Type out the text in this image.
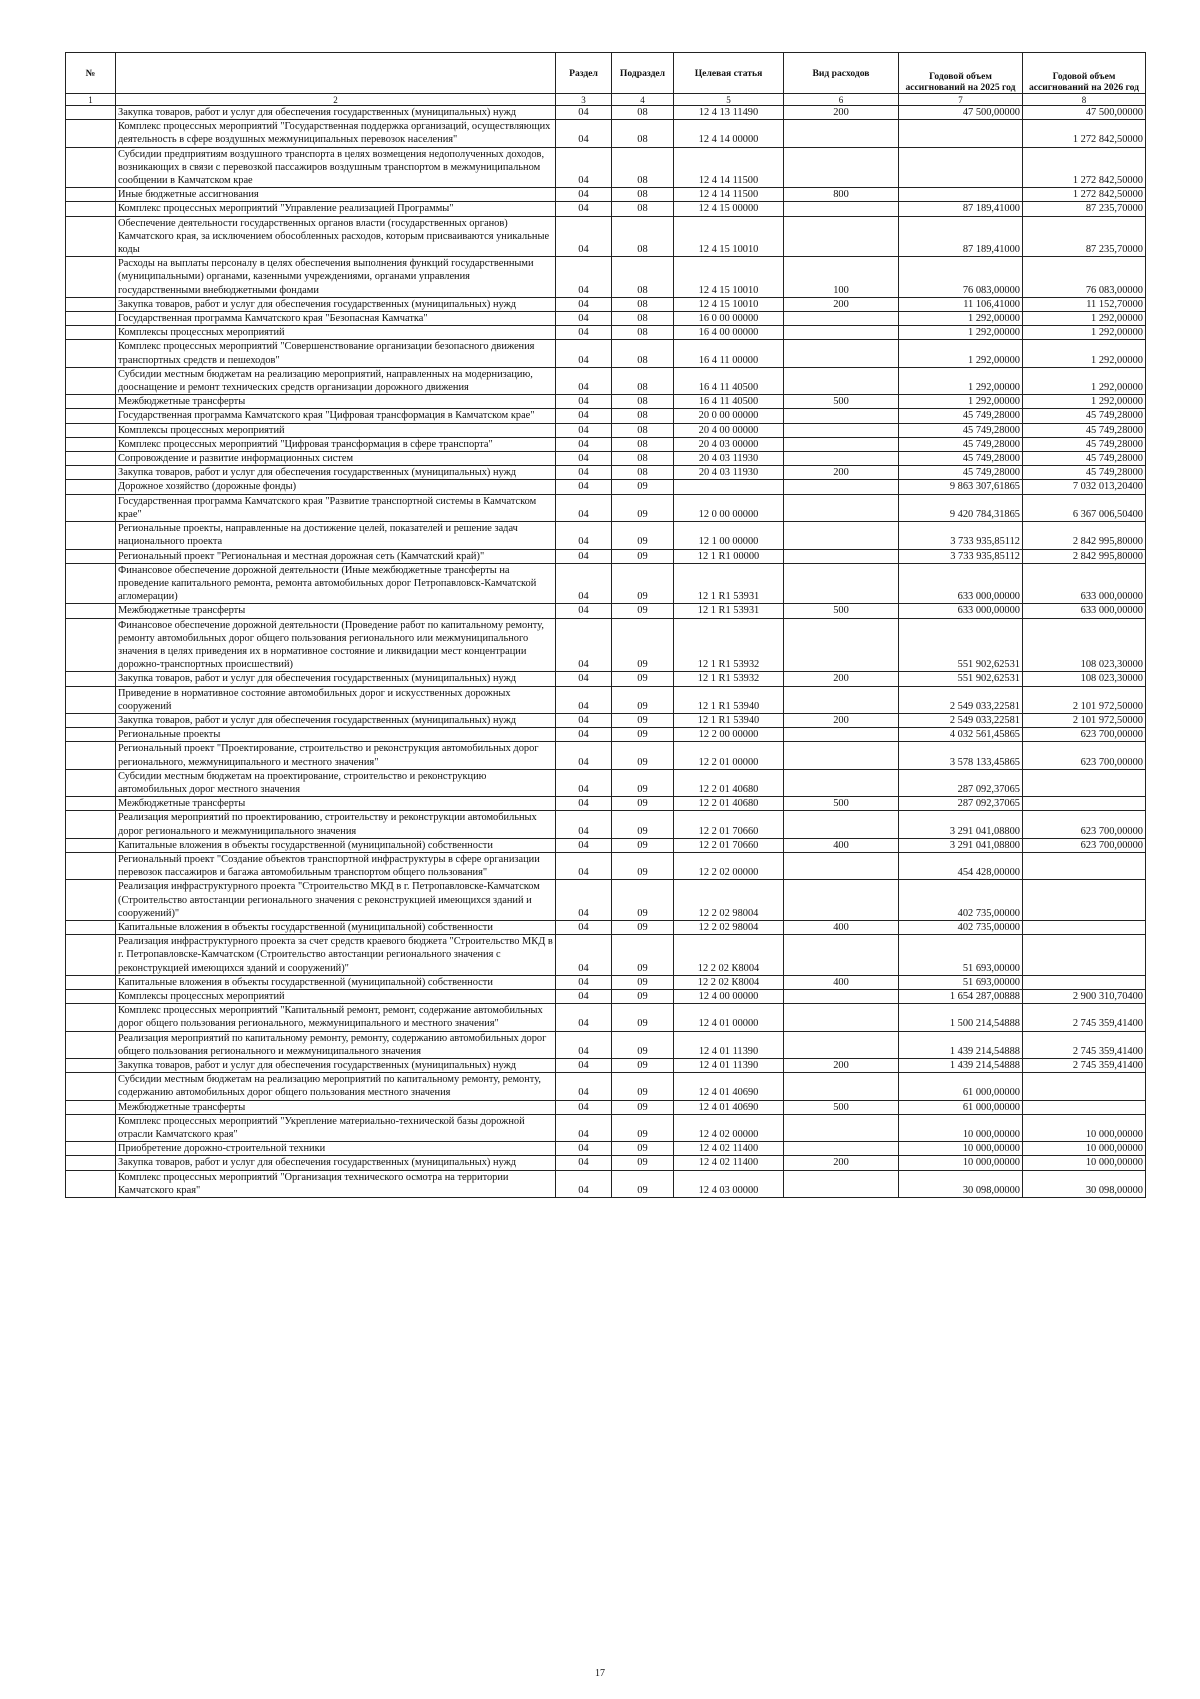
№		Раздел	Подраздел	Целевая статья	Вид расходов	Годовой объем ассигнований на 2025 год	Годовой объем ассигнований на 2026 год
1	2	3	4	5	6	7	8
	Закупка товаров, работ и услуг для обеспечения государственных (муниципальных) нужд	04	08	12 4 13 11490	200	47 500,00000	47 500,00000
	Комплекс процессных мероприятий "Государственная поддержка организаций, осуществляющих деятельность в сфере воздушных межмуниципальных перевозок населения"	04	08	12 4 14 00000			1 272 842,50000
	Субсидии предприятиям воздушного транспорта в целях возмещения недополученных доходов, возникающих в связи с перевозкой пассажиров воздушным транспортом в межмуниципальном сообщении в Камчатском крае	04	08	12 4 14 11500			1 272 842,50000
	Иные бюджетные ассигнования	04	08	12 4 14 11500	800		1 272 842,50000
	Комплекс процессных мероприятий "Управление реализацией Программы"	04	08	12 4 15 00000		87 189,41000	87 235,70000
	Обеспечение деятельности государственных органов власти (государственных органов) Камчатского края, за исключением обособленных расходов, которым присваиваются уникальные коды	04	08	12 4 15 10010		87 189,41000	87 235,70000
	Расходы на выплаты персоналу в целях обеспечения выполнения функций государственными (муниципальными) органами, казенными учреждениями, органами управления государственными внебюджетными фондами	04	08	12 4 15 10010	100	76 083,00000	76 083,00000
	Закупка товаров, работ и услуг для обеспечения государственных (муниципальных) нужд	04	08	12 4 15 10010	200	11 106,41000	11 152,70000
	Государственная программа Камчатского края "Безопасная Камчатка"	04	08	16 0 00 00000		1 292,00000	1 292,00000
	Комплексы процессных мероприятий	04	08	16 4 00 00000		1 292,00000	1 292,00000
	Комплекс процессных мероприятий "Совершенствование организации безопасного движения транспортных средств и пешеходов"	04	08	16 4 11 00000		1 292,00000	1 292,00000
	Субсидии местным бюджетам на реализацию мероприятий, направленных на модернизацию, дооснащение и ремонт технических средств организации дорожного движения	04	08	16 4 11 40500		1 292,00000	1 292,00000
	Межбюджетные трансферты	04	08	16 4 11 40500	500	1 292,00000	1 292,00000
	Государственная программа Камчатского края "Цифровая трансформация в Камчатском крае"	04	08	20 0 00 00000		45 749,28000	45 749,28000
	Комплексы процессных мероприятий	04	08	20 4 00 00000		45 749,28000	45 749,28000
	Комплекс процессных мероприятий "Цифровая трансформация в сфере транспорта"	04	08	20 4 03 00000		45 749,28000	45 749,28000
	Сопровождение и развитие информационных систем	04	08	20 4 03 11930		45 749,28000	45 749,28000
	Закупка товаров, работ и услуг для обеспечения государственных (муниципальных) нужд	04	08	20 4 03 11930	200	45 749,28000	45 749,28000
	Дорожное хозяйство (дорожные фонды)	04	09			9 863 307,61865	7 032 013,20400
	Государственная программа Камчатского края "Развитие транспортной системы в Камчатском крае"	04	09	12 0 00 00000		9 420 784,31865	6 367 006,50400
	Региональные проекты, направленные на достижение целей, показателей и решение задач национального проекта	04	09	12 1 00 00000		3 733 935,85112	2 842 995,80000
	Региональный проект "Региональная и местная дорожная сеть (Камчатский край)"	04	09	12 1 R1 00000		3 733 935,85112	2 842 995,80000
	Финансовое обеспечение дорожной деятельности (Иные межбюджетные трансферты на проведение капитального ремонта, ремонта автомобильных дорог Петропавловск-Камчатской агломерации)	04	09	12 1 R1 53931		633 000,00000	633 000,00000
	Межбюджетные трансферты	04	09	12 1 R1 53931	500	633 000,00000	633 000,00000
	Финансовое обеспечение дорожной деятельности (Проведение работ по капитальному ремонту, ремонту автомобильных дорог общего пользования регионального или межмуниципального значения в целях приведения их в нормативное состояние и ликвидации мест концентрации дорожно-транспортных происшествий)	04	09	12 1 R1 53932		551 902,62531	108 023,30000
	Закупка товаров, работ и услуг для обеспечения государственных (муниципальных) нужд	04	09	12 1 R1 53932	200	551 902,62531	108 023,30000
	Приведение в нормативное состояние автомобильных дорог и искусственных дорожных сооружений	04	09	12 1 R1 53940		2 549 033,22581	2 101 972,50000
	Закупка товаров, работ и услуг для обеспечения государственных (муниципальных) нужд	04	09	12 1 R1 53940	200	2 549 033,22581	2 101 972,50000
	Региональные проекты	04	09	12 2 00 00000		4 032 561,45865	623 700,00000
	Региональный проект "Проектирование, строительство и реконструкция автомобильных дорог регионального, межмуниципального и местного значения"	04	09	12 2 01 00000		3 578 133,45865	623 700,00000
	Субсидии местным бюджетам на проектирование, строительство и реконструкцию автомобильных дорог местного значения	04	09	12 2 01 40680		287 092,37065	
	Межбюджетные трансферты	04	09	12 2 01 40680	500	287 092,37065	
	Реализация мероприятий по проектированию, строительству и реконструкции автомобильных дорог регионального и межмуниципального значения	04	09	12 2 01 70660		3 291 041,08800	623 700,00000
	Капитальные вложения в объекты государственной (муниципальной) собственности	04	09	12 2 01 70660	400	3 291 041,08800	623 700,00000
	Региональный проект "Создание объектов транспортной инфраструктуры в сфере организации перевозок пассажиров и багажа автомобильным транспортом общего пользования"	04	09	12 2 02 00000		454 428,00000	
	Реализация инфраструктурного проекта "Строительство МКД в г. Петропавловске-Камчатском (Строительство автостанции регионального значения с реконструкцией имеющихся зданий и сооружений)"	04	09	12 2 02 98004		402 735,00000	
	Капитальные вложения в объекты государственной (муниципальной) собственности	04	09	12 2 02 98004	400	402 735,00000	
	Реализация инфраструктурного проекта за счет средств краевого бюджета "Строительство МКД в г. Петропавловске-Камчатском (Строительство автостанции регионального значения с реконструкцией имеющихся зданий и сооружений)"	04	09	12 2 02 К8004		51 693,00000	
	Капитальные вложения в объекты государственной (муниципальной) собственности	04	09	12 2 02 К8004	400	51 693,00000	
	Комплексы процессных мероприятий	04	09	12 4 00 00000		1 654 287,00888	2 900 310,70400
	Комплекс процессных мероприятий "Капитальный ремонт, ремонт, содержание автомобильных дорог общего пользования регионального, межмуниципального и местного значения"	04	09	12 4 01 00000		1 500 214,54888	2 745 359,41400
	Реализация мероприятий по капитальному ремонту, ремонту, содержанию автомобильных дорог общего пользования регионального и межмуниципального значения	04	09	12 4 01 11390		1 439 214,54888	2 745 359,41400
	Закупка товаров, работ и услуг для обеспечения государственных (муниципальных) нужд	04	09	12 4 01 11390	200	1 439 214,54888	2 745 359,41400
	Субсидии местным бюджетам на реализацию мероприятий по капитальному ремонту, ремонту, содержанию автомобильных дорог общего пользования местного значения	04	09	12 4 01 40690		61 000,00000	
	Межбюджетные трансферты	04	09	12 4 01 40690	500	61 000,00000	
	Комплекс процессных мероприятий "Укрепление материально-технической базы дорожной отрасли Камчатского края"	04	09	12 4 02 00000		10 000,00000	10 000,00000
	Приобретение дорожно-строительной техники	04	09	12 4 02 11400		10 000,00000	10 000,00000
	Закупка товаров, работ и услуг для обеспечения государственных (муниципальных) нужд	04	09	12 4 02 11400	200	10 000,00000	10 000,00000
	Комплекс процессных мероприятий "Организация технического осмотра на территории Камчатского края"	04	09	12 4 03 00000		30 098,00000	30 098,00000
17
